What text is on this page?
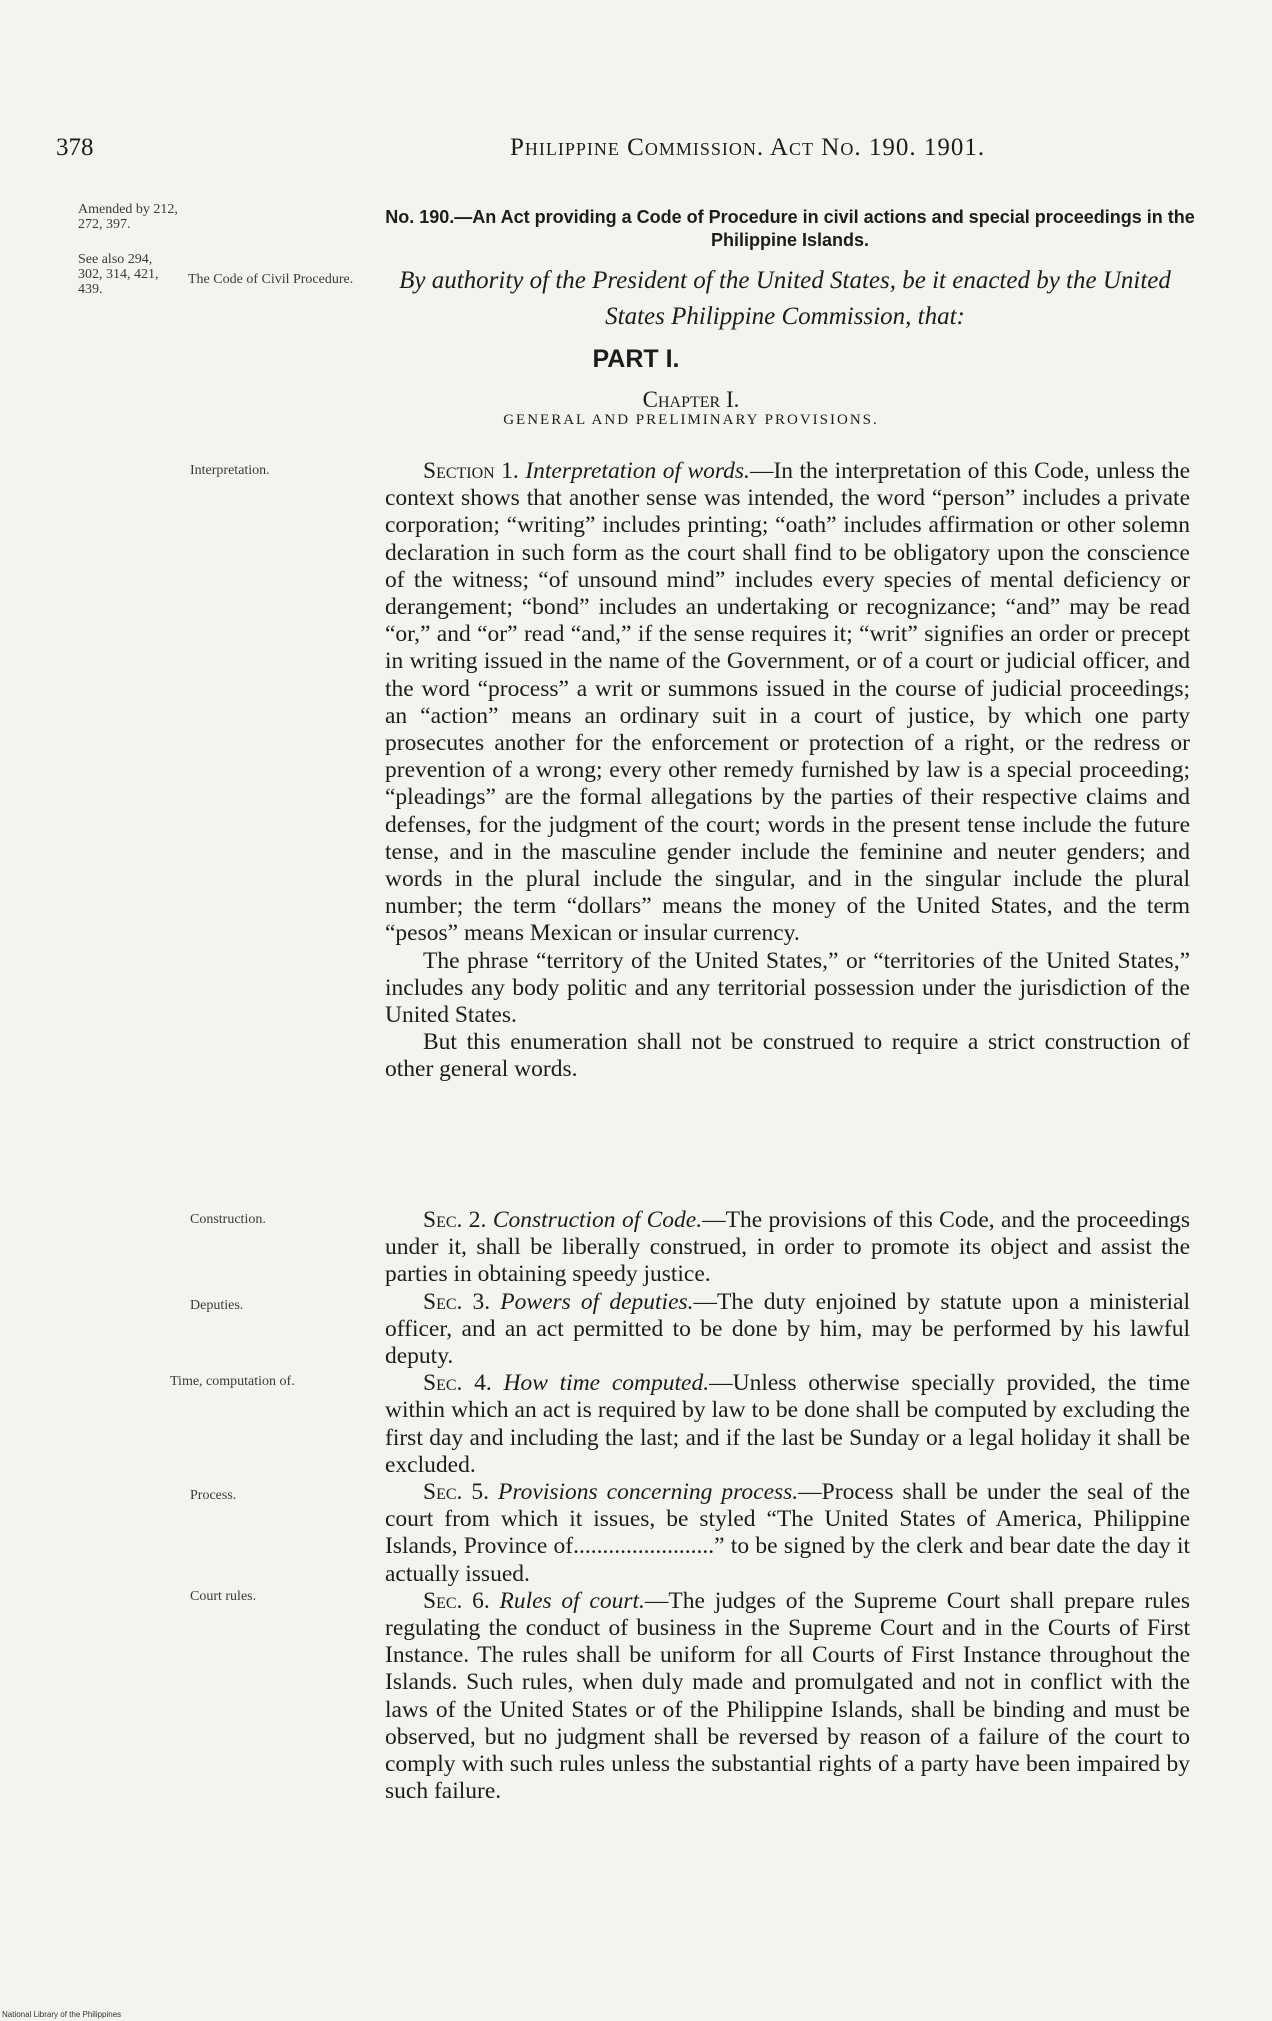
378	Philippine Commission. Act No. 190. 1901.
Amended by 212, 272, 397.
See also 294, 302, 314, 421, 439.
The Code of Civil Procedure.
No. 190.—An Act providing a Code of Procedure in civil actions and special proceedings in the Philippine Islands.
By authority of the President of the United States, be it enacted by the United States Philippine Commission, that:
PART I.
Chapter I.
GENERAL AND PRELIMINARY PROVISIONS.
Interpretation.
Construction.
Deputies.
Time, computation of.
Process.
Court rules.

Section 1. Interpretation of words.—In the interpretation of this Code, unless the context shows that another sense was intended, the word “person” includes a private corporation; “writing” includes printing; “oath” includes affirmation or other solemn declaration in such form as the court shall find to be obligatory upon the conscience of the witness; “of unsound mind” includes every species of mental deficiency or derangement; “bond” includes an undertaking or recognizance; “and” may be read “or,” and “or” read “and,” if the sense requires it; “writ” signifies an order or precept in writing issued in the name of the Government, or of a court or judicial officer, and the word “process” a writ or summons issued in the course of judicial proceedings; an “action” means an ordinary suit in a court of justice, by which one party prosecutes another for the enforcement or protection of a right, or the redress or prevention of a wrong; every other remedy furnished by law is a special proceeding; “pleadings” are the formal allegations by the parties of their respective claims and defenses, for the judgment of the court; words in the present tense include the future tense, and in the masculine gender include the feminine and neuter genders; and words in the plural include the singular, and in the singular include the plural number; the term “dollars” means the money of the United States, and the term “pesos” means Mexican or insular currency.

The phrase “territory of the United States,” or “territories of the United States,” includes any body politic and any territorial possession under the jurisdiction of the United States.

But this enumeration shall not be construed to require a strict construction of other general words.

Sec. 2. Construction of Code.—The provisions of this Code, and the proceedings under it, shall be liberally construed, in order to promote its object and assist the parties in obtaining speedy justice.

Sec. 3. Powers of deputies.—The duty enjoined by statute upon a ministerial officer, and an act permitted to be done by him, may be performed by his lawful deputy.

Sec. 4. How time computed.—Unless otherwise specially provided, the time within which an act is required by law to be done shall be computed by excluding the first day and including the last; and if the last be Sunday or a legal holiday it shall be excluded.

Sec. 5. Provisions concerning process.—Process shall be under the seal of the court from which it issues, be styled “The United States of America, Philippine Islands, Province of........................” to be signed by the clerk and bear date the day it actually issued.

Sec. 6. Rules of court.—The judges of the Supreme Court shall prepare rules regulating the conduct of business in the Supreme Court and in the Courts of First Instance. The rules shall be uniform for all Courts of First Instance throughout the Islands. Such rules, when duly made and promulgated and not in conflict with the laws of the United States or of the Philippine Islands, shall be binding and must be observed, but no judgment shall be reversed by reason of a failure of the court to comply with such rules unless the substantial rights of a party have been impaired by such failure.

National Library of the Philippines
